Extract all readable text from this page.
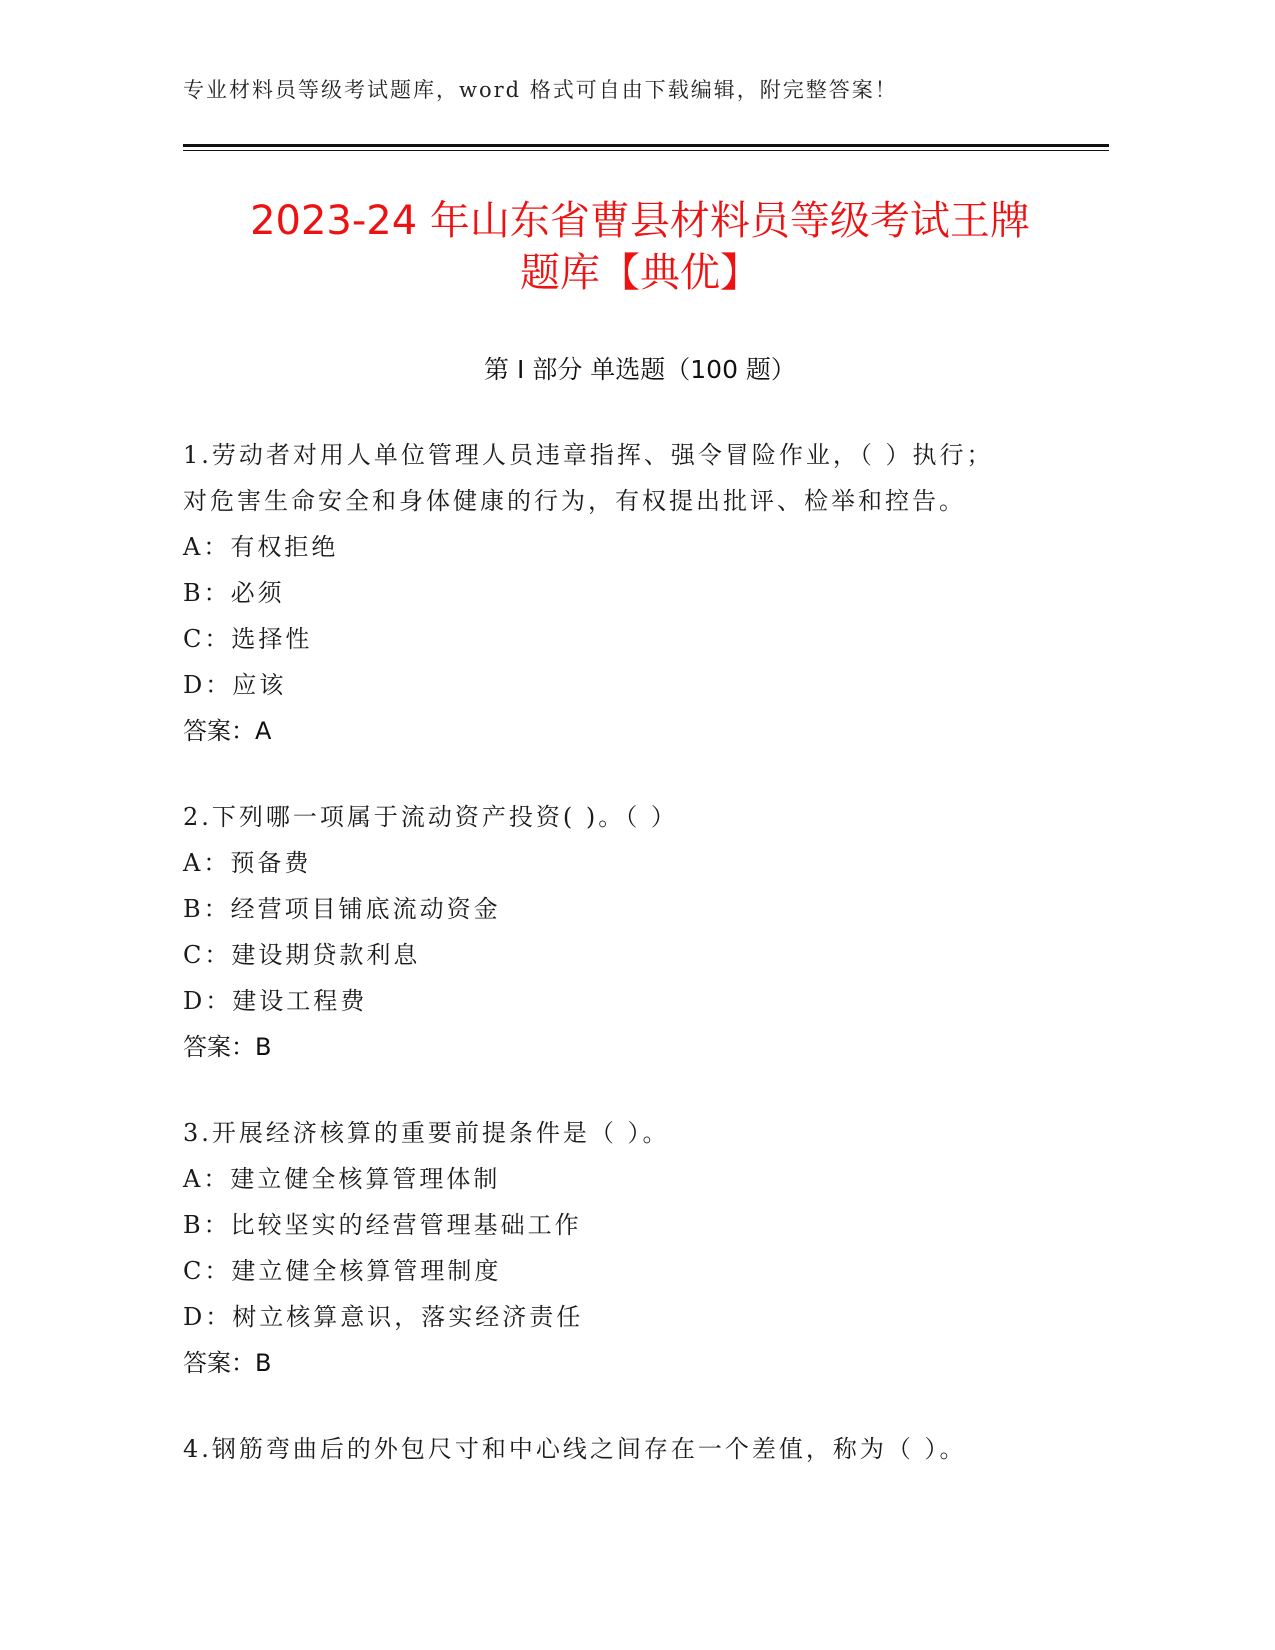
专业材料员等级考试题库，word 格式可自由下载编辑，附完整答案！
2023-24 年山东省曹县材料员等级考试王牌
题库【典优】
第 I 部分 单选题（100 题）
1.劳动者对用人单位管理人员违章指挥、强令冒险作业，（ ）执行；
对危害生命安全和身体健康的行为，有权提出批评、检举和控告。
A：有权拒绝
B：必须
C：选择性
D：应该
答案：A
2.下列哪一项属于流动资产投资( )。（ ）
A：预备费
B：经营项目铺底流动资金
C：建设期贷款利息
D：建设工程费
答案：B
3.开展经济核算的重要前提条件是（ ）。
A：建立健全核算管理体制
B：比较坚实的经营管理基础工作
C：建立健全核算管理制度
D：树立核算意识，落实经济责任
答案：B
4.钢筋弯曲后的外包尺寸和中心线之间存在一个差值，称为（ ）。
